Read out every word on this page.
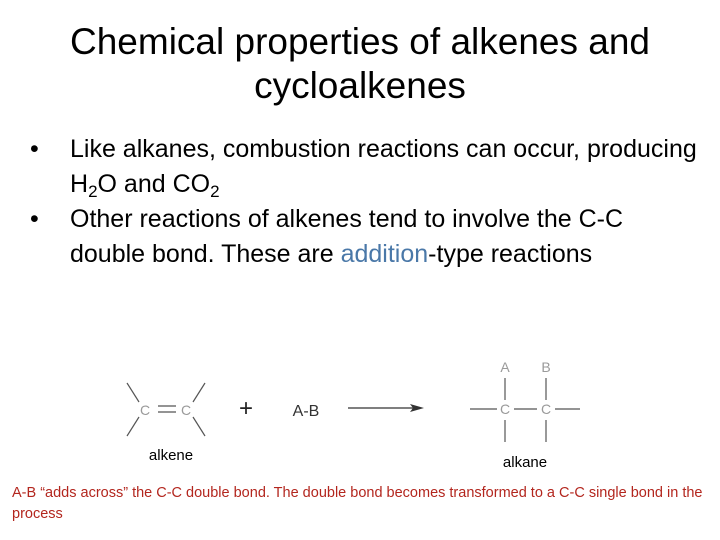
Chemical properties of alkenes and
cycloalkenes
• Like alkanes, combustion reactions can occur, producing $H_2O$ and $CO_2$
• Other reactions of alkenes tend to involve the C-C double bond. These are addition-type reactions
C C
alkene
+ A-B
A B
C C
alkane
A-B “adds across” the C-C double bond. The double bond becomes transformed to a C-C single bond in the process
